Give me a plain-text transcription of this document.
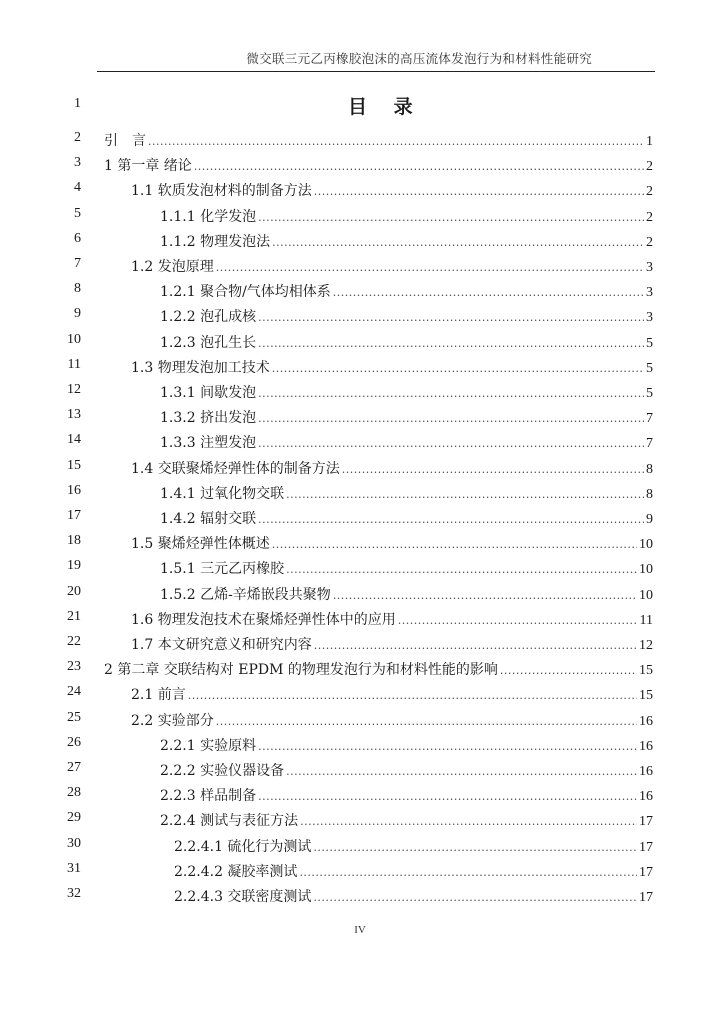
微交联三元乙丙橡胶泡沫的高压流体发泡行为和材料性能研究
1	目 录
2 引　言 .....	1
3 1 第一章 绪论 .....	2
4	1.1 软质发泡材料的制备方法 .....	2
5	1.1.1 化学发泡 .....	2
6	1.1.2 物理发泡法 .....	2
7	1.2 发泡原理 .....	3
8	1.2.1 聚合物/气体均相体系 .....	3
9	1.2.2 泡孔成核 .....	3
10	1.2.3 泡孔生长 .....	5
11	1.3 物理发泡加工技术 .....	5
12	1.3.1 间歇发泡 .....	5
13	1.3.2 挤出发泡 .....	7
14	1.3.3 注塑发泡 .....	7
15	1.4 交联聚烯烃弹性体的制备方法 .....	8
16	1.4.1 过氧化物交联 .....	8
17	1.4.2 辐射交联 .....	9
18	1.5 聚烯烃弹性体概述 .....	10
19	1.5.1 三元乙丙橡胶 .....	10
20	1.5.2 乙烯-辛烯嵌段共聚物 .....	10
21	1.6 物理发泡技术在聚烯烃弹性体中的应用 .....	11
22	1.7 本文研究意义和研究内容 .....	12
23 2 第二章 交联结构对 EPDM 的物理发泡行为和材料性能的影响 .....	15
24	2.1 前言 .....	15
25	2.2 实验部分 .....	16
26	2.2.1 实验原料 .....	16
27	2.2.2 实验仪器设备 .....	16
28	2.2.3 样品制备 .....	16
29	2.2.4 测试与表征方法 .....	17
30	2.2.4.1 硫化行为测试 .....	17
31	2.2.4.2 凝胶率测试 .....	17
32	2.2.4.3 交联密度测试 .....	17
IV
